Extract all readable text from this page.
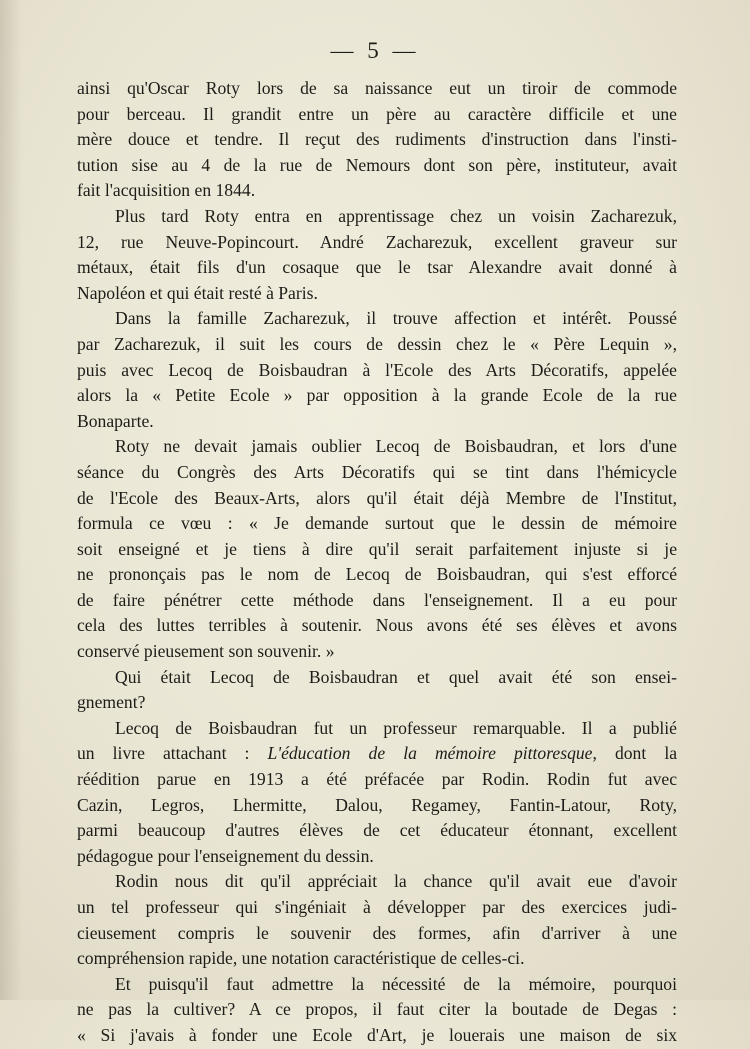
— 5 —
ainsi qu'Oscar Roty lors de sa naissance eut un tiroir de commode
pour berceau. Il grandit entre un père au caractère difficile et une
mère douce et tendre. Il reçut des rudiments d'instruction dans l'insti-
tution sise au 4 de la rue de Nemours dont son père, instituteur, avait
fait l'acquisition en 1844.
Plus tard Roty entra en apprentissage chez un voisin Zacharezuk,
12, rue Neuve-Popincourt. André Zacharezuk, excellent graveur sur
métaux, était fils d'un cosaque que le tsar Alexandre avait donné à
Napoléon et qui était resté à Paris.
Dans la famille Zacharezuk, il trouve affection et intérêt. Poussé
par Zacharezuk, il suit les cours de dessin chez le « Père Lequin »,
puis avec Lecoq de Boisbaudran à l'Ecole des Arts Décoratifs, appelée
alors la « Petite Ecole » par opposition à la grande Ecole de la rue
Bonaparte.
Roty ne devait jamais oublier Lecoq de Boisbaudran, et lors d'une
séance du Congrès des Arts Décoratifs qui se tint dans l'hémicycle
de l'Ecole des Beaux-Arts, alors qu'il était déjà Membre de l'Institut,
formula ce vœu : « Je demande surtout que le dessin de mémoire
soit enseigné et je tiens à dire qu'il serait parfaitement injuste si je
ne prononçais pas le nom de Lecoq de Boisbaudran, qui s'est efforcé
de faire pénétrer cette méthode dans l'enseignement. Il a eu pour
cela des luttes terribles à soutenir. Nous avons été ses élèves et avons
conservé pieusement son souvenir. »
Qui était Lecoq de Boisbaudran et quel avait été son ensei-
gnement?
Lecoq de Boisbaudran fut un professeur remarquable. Il a publié
un livre attachant : L'éducation de la mémoire pittoresque, dont la
réédition parue en 1913 a été préfacée par Rodin. Rodin fut avec
Cazin, Legros, Lhermitte, Dalou, Regamey, Fantin-Latour, Roty,
parmi beaucoup d'autres élèves de cet éducateur étonnant, excellent
pédagogue pour l'enseignement du dessin.
Rodin nous dit qu'il appréciait la chance qu'il avait eue d'avoir
un tel professeur qui s'ingéniait à développer par des exercices judi-
cieusement compris le souvenir des formes, afin d'arriver à une
compréhension rapide, une notation caractéristique de celles-ci.
Et puisqu'il faut admettre la nécessité de la mémoire, pourquoi
ne pas la cultiver? A ce propos, il faut citer la boutade de Degas :
« Si j'avais à fonder une Ecole d'Art, je louerais une maison de six
